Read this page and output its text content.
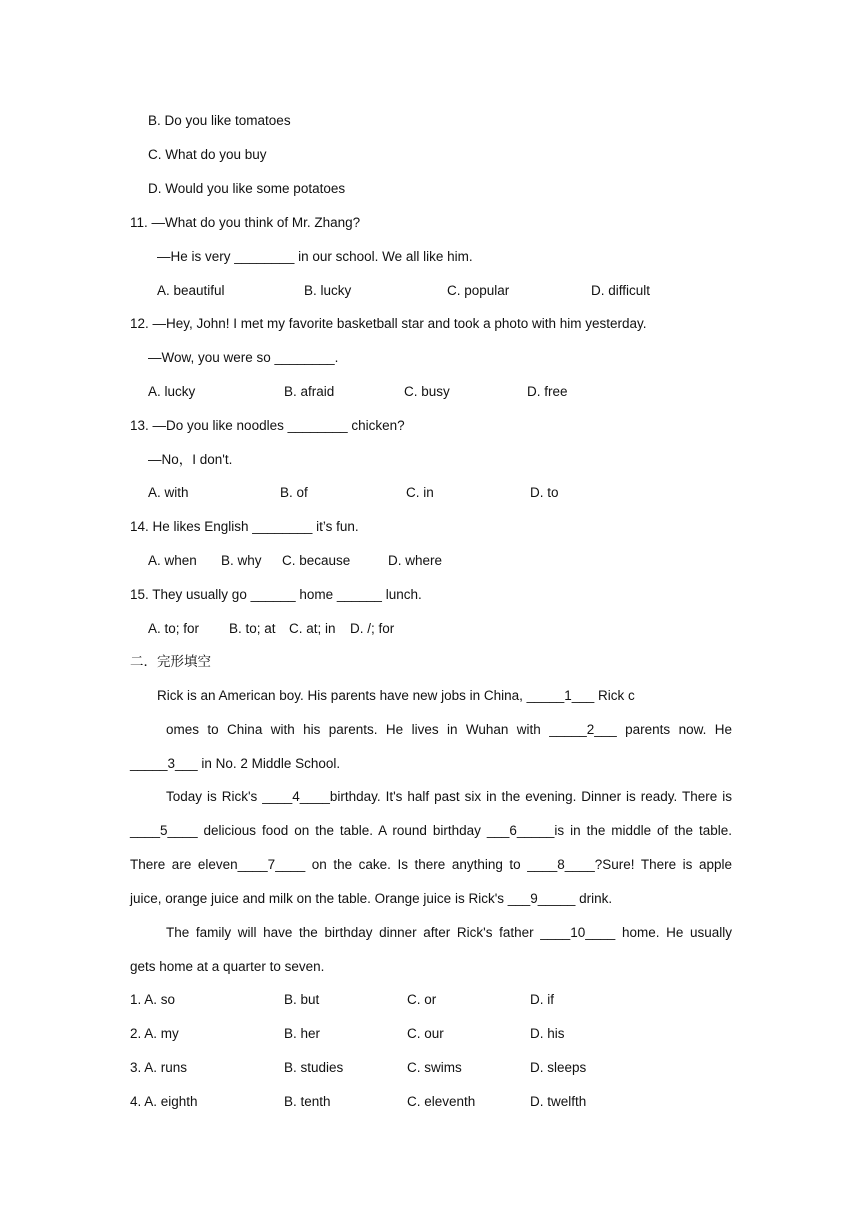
B. Do you like tomatoes
C. What do you buy
D. Would you like some potatoes
11. —What do you think of Mr. Zhang?
—He is very ________ in our school. We all like him.
A. beautiful	B. lucky	C. popular	D. difficult
12. —Hey, John! I met my favorite basketball star and took a photo with him yesterday.
—Wow, you were so ________.
A. lucky	B. afraid	C. busy	D. free
13. —Do you like noodles ________ chicken?
—No，I don't.
A. with	B. of	C. in	D. to
14. He likes English ________ it’s fun.
A. when B. why C. because	D. where
15. They usually go ______ home ______ lunch.
A. to; for B. to; at C. at; in D. /; for
二．完形填空
Rick is an American boy. His parents have new jobs in China, _____1___ Rick c
omes to China with his parents. He lives in Wuhan with _____2___ parents now. He
_____3___ in No. 2 Middle School.
Today is Rick's ____4____birthday. It's half past six in the evening. Dinner is ready. There is
____5____ delicious food on the table. A round birthday ___6_____is in the middle of the table.
There are eleven____7____ on the cake. Is there anything to ____8____?Sure! There is apple
juice, orange juice and milk on the table. Orange juice is Rick's ___9_____ drink.
The family will have the birthday dinner after Rick's father ____10____ home. He usually
gets home at a quarter to seven.
1. A. so	B. but	C. or	D. if
2. A. my	B. her	C. our	D. his
3. A. runs	B. studies	C. swims	D. sleeps
4. A. eighth	B. tenth	C. eleventh	D. twelfth
